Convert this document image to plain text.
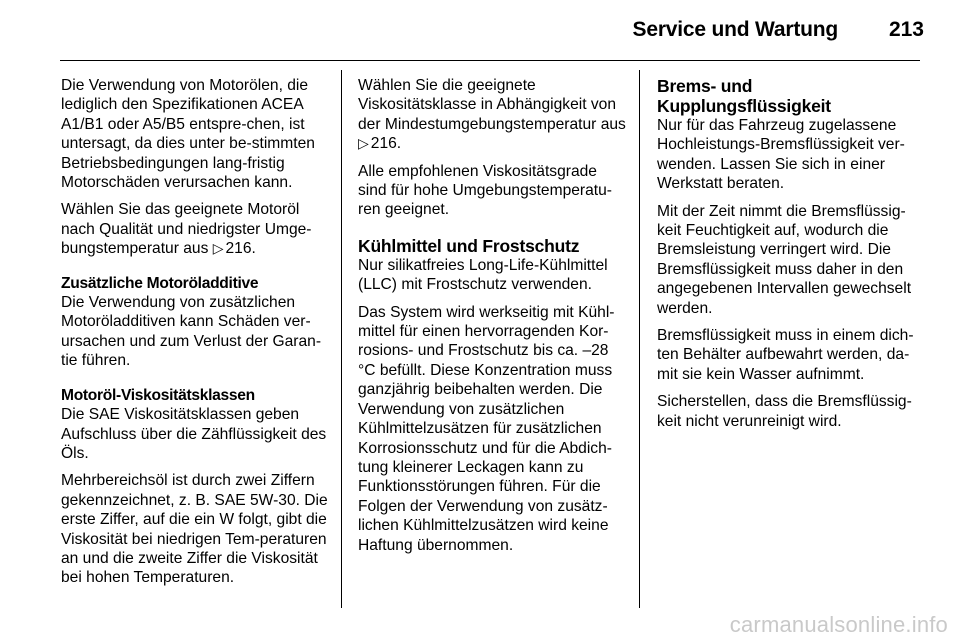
Service und Wartung 213

Die Verwendung von Motorölen, die lediglich den Spezifikationen ACEA A1/B1 oder A5/B5 entspre-chen, ist untersagt, da dies unter be-stimmten Betriebsbedingungen lang-fristig Motorschäden verursachen kann.

Wählen Sie das geeignete Motoröl nach Qualität und niedrigster Umge-bungstemperatur aus ▷ 216.

Zusätzliche Motoröladditive

Die Verwendung von zusätzlichen Motoröladditiven kann Schäden ver-ursachen und zum Verlust der Garan-tie führen.

Motoröl-Viskositätsklassen

Die SAE Viskositätsklassen geben Aufschluss über die Zähflüssigkeit des Öls.

Mehrbereichsöl ist durch zwei Ziffern gekennzeichnet, z. B. SAE 5W-30. Die erste Ziffer, auf die ein W folgt, gibt die Viskosität bei niedrigen Tem-peraturen an und die zweite Ziffer die Viskosität bei hohen Temperaturen.

Wählen Sie die geeignete Viskositätsklasse in Abhängigkeit von der Mindestumgebungstemperatur aus ▷ 216.

Alle empfohlenen Viskositätsgrade sind für hohe Umgebungstemperatu-ren geeignet.

Kühlmittel und Frostschutz

Nur silikatfreies Long-Life-Kühlmittel (LLC) mit Frostschutz verwenden.

Das System wird werkseitig mit Kühl-mittel für einen hervorragenden Kor-rosions- und Frostschutz bis ca. –28 °C befüllt. Diese Konzentration muss ganzjährig beibehalten werden. Die Verwendung von zusätzlichen Kühlmittelzusätzen für zusätzlichen Korrosionsschutz und für die Abdich-tung kleinerer Leckagen kann zu Funktionsstörungen führen. Für die Folgen der Verwendung von zusätz-lichen Kühlmittelzusätzen wird keine Haftung übernommen.

Brems- und
Kupplungsflüssigkeit

Nur für das Fahrzeug zugelassene Hochleistungs-Bremsflüssigkeit ver-wenden. Lassen Sie sich in einer Werkstatt beraten.

Mit der Zeit nimmt die Bremsflüssig-keit Feuchtigkeit auf, wodurch die Bremsleistung verringert wird. Die Bremsflüssigkeit muss daher in den angegebenen Intervallen gewechselt werden.

Bremsflüssigkeit muss in einem dich-ten Behälter aufbewahrt werden, da-mit sie kein Wasser aufnimmt.

Sicherstellen, dass die Bremsflüssig-keit nicht verunreinigt wird.

carmanualsonline.info
